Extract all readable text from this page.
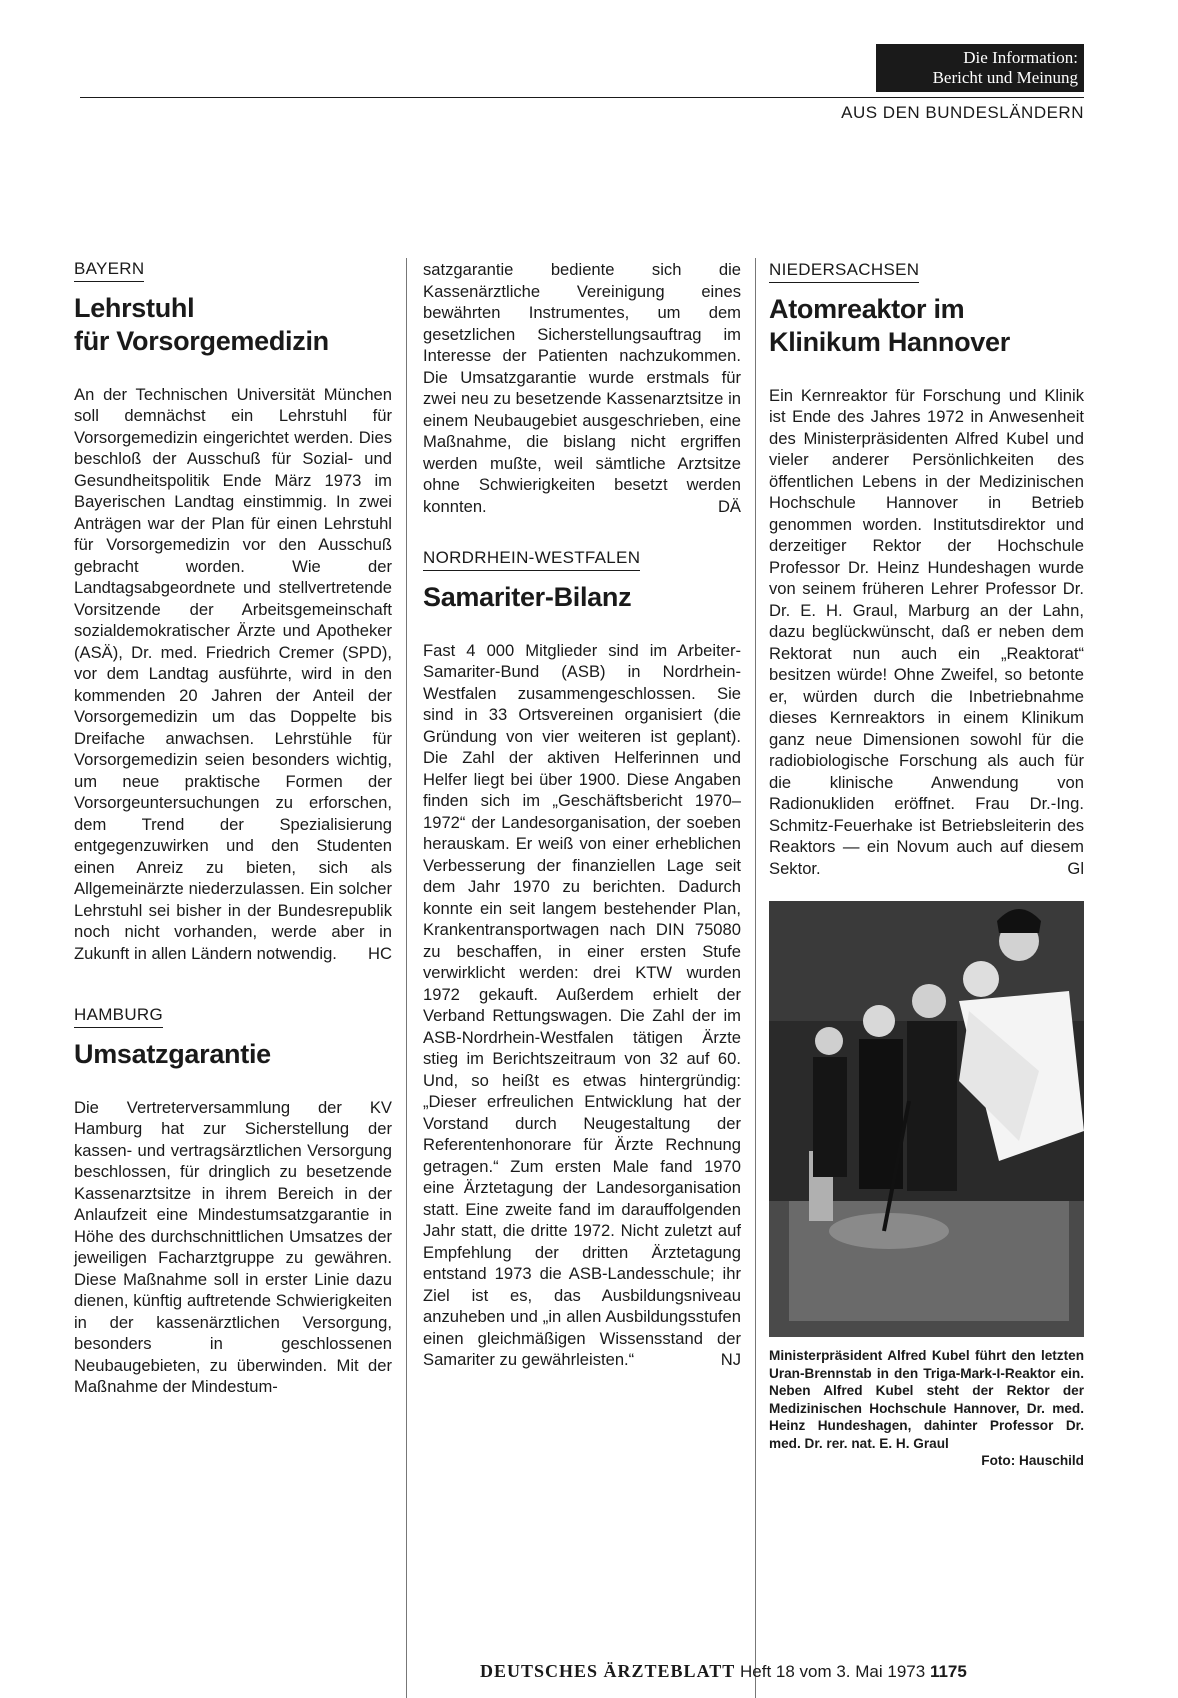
Die Information:
Bericht und Meinung
AUS DEN BUNDESLÄNDERN
BAYERN
Lehrstuhl
für Vorsorgemedizin

An der Technischen Universität München soll demnächst ein Lehrstuhl für Vorsorgemedizin eingerichtet werden. Dies beschloß der Ausschuß für Sozial- und Gesundheitspolitik Ende März 1973 im Bayerischen Landtag einstimmig. In zwei Anträgen war der Plan für einen Lehrstuhl für Vorsorgemedizin vor den Ausschuß gebracht worden. Wie der Landtagsabgeordnete und stellvertretende Vorsitzende der Arbeitsgemeinschaft sozialdemokratischer Ärzte und Apotheker (ASÄ), Dr. med. Friedrich Cremer (SPD), vor dem Landtag ausführte, wird in den kommenden 20 Jahren der Anteil der Vorsorgemedizin um das Doppelte bis Dreifache anwachsen. Lehrstühle für Vorsorgemedizin seien besonders wichtig, um neue praktische Formen der Vorsorgeuntersuchungen zu erforschen, dem Trend der Spezialisierung entgegenzuwirken und den Studenten einen Anreiz zu bieten, sich als Allgemeinärzte niederzulassen. Ein solcher Lehrstuhl sei bisher in der Bundesrepublik noch nicht vorhanden, werde aber in Zukunft in allen Ländern notwendig. HC

HAMBURG
Umsatzgarantie

Die Vertreterversammlung der KV Hamburg hat zur Sicherstellung der kassen- und vertragsärztlichen Versorgung beschlossen, für dringlich zu besetzende Kassenarztsitze in ihrem Bereich in der Anlaufzeit eine Mindestumsatzgarantie in Höhe des durchschnittlichen Umsatzes der jeweiligen Facharztgruppe zu gewähren. Diese Maßnahme soll in erster Linie dazu dienen, künftig auftretende Schwierigkeiten in der kassenärztlichen Versorgung, besonders in geschlossenen Neubaugebieten, zu überwinden. Mit der Maßnahme der Mindestum-

satzgarantie bediente sich die Kassenärztliche Vereinigung eines bewährten Instrumentes, um dem gesetzlichen Sicherstellungsauftrag im Interesse der Patienten nachzukommen. Die Umsatzgarantie wurde erstmals für zwei neu zu besetzende Kassenarztsitze in einem Neubaugebiet ausgeschrieben, eine Maßnahme, die bislang nicht ergriffen werden mußte, weil sämtliche Arztsitze ohne Schwierigkeiten besetzt werden konnten.	DÄ

NORDRHEIN-WESTFALEN
Samariter-Bilanz

Fast 4 000 Mitglieder sind im Arbeiter-Samariter-Bund (ASB) in Nordrhein-Westfalen zusammengeschlossen. Sie sind in 33 Ortsvereinen organisiert (die Gründung von vier weiteren ist geplant). Die Zahl der aktiven Helferinnen und Helfer liegt bei über 1900. Diese Angaben finden sich im „Geschäftsbericht 1970–1972“ der Landesorganisation, der soeben herauskam. Er weiß von einer erheblichen Verbesserung der finanziellen Lage seit dem Jahr 1970 zu berichten. Dadurch konnte ein seit langem bestehender Plan, Krankentransportwagen nach DIN 75080 zu beschaffen, in einer ersten Stufe verwirklicht werden: drei KTW wurden 1972 gekauft. Außerdem erhielt der Verband Rettungswagen. Die Zahl der im ASB-Nordrhein-Westfalen tätigen Ärzte stieg im Berichtszeitraum von 32 auf 60. Und, so heißt es etwas hintergründig: „Dieser erfreulichen Entwicklung hat der Vorstand durch Neugestaltung der Referentenhonorare für Ärzte Rechnung getragen.“ Zum ersten Male fand 1970 eine Ärztetagung der Landesorganisation statt. Eine zweite fand im darauffolgenden Jahr statt, die dritte 1972. Nicht zuletzt auf Empfehlung der dritten Ärztetagung entstand 1973 die ASB-Landesschule; ihr Ziel ist es, das Ausbildungsniveau anzuheben und „in allen Ausbildungsstufen einen gleichmäßigen Wissensstand der Samariter zu gewährleisten.“	NJ

NIEDERSACHSEN
Atomreaktor im
Klinikum Hannover

Ein Kernreaktor für Forschung und Klinik ist Ende des Jahres 1972 in Anwesenheit des Ministerpräsidenten Alfred Kubel und vieler anderer Persönlichkeiten des öffentlichen Lebens in der Medizinischen Hochschule Hannover in Betrieb genommen worden. Institutsdirektor und derzeitiger Rektor der Hochschule Professor Dr. Heinz Hundeshagen wurde von seinem früheren Lehrer Professor Dr. Dr. E. H. Graul, Marburg an der Lahn, dazu beglückwünscht, daß er neben dem Rektorat nun auch ein „Reaktorat“ besitzen würde! Ohne Zweifel, so betonte er, würden durch die Inbetriebnahme dieses Kernreaktors in einem Klinikum ganz neue Dimensionen sowohl für die radiobiologische Forschung als auch für die klinische Anwendung von Radionukliden eröffnet. Frau Dr.-Ing. Schmitz-Feuerhake ist Betriebsleiterin des Reaktors — ein Novum auch auf diesem Sektor.	Gl

Ministerpräsident Alfred Kubel führt den letzten Uran-Brennstab in den Triga-Mark-I-Reaktor ein. Neben Alfred Kubel steht der Rektor der Medizinischen Hochschule Hannover, Dr. med. Heinz Hundeshagen, dahinter Professor Dr. med. Dr. rer. nat. E. H. Graul
Foto: Hauschild
DEUTSCHES ÄRZTEBLATT Heft 18 vom 3. Mai 1973 1175
